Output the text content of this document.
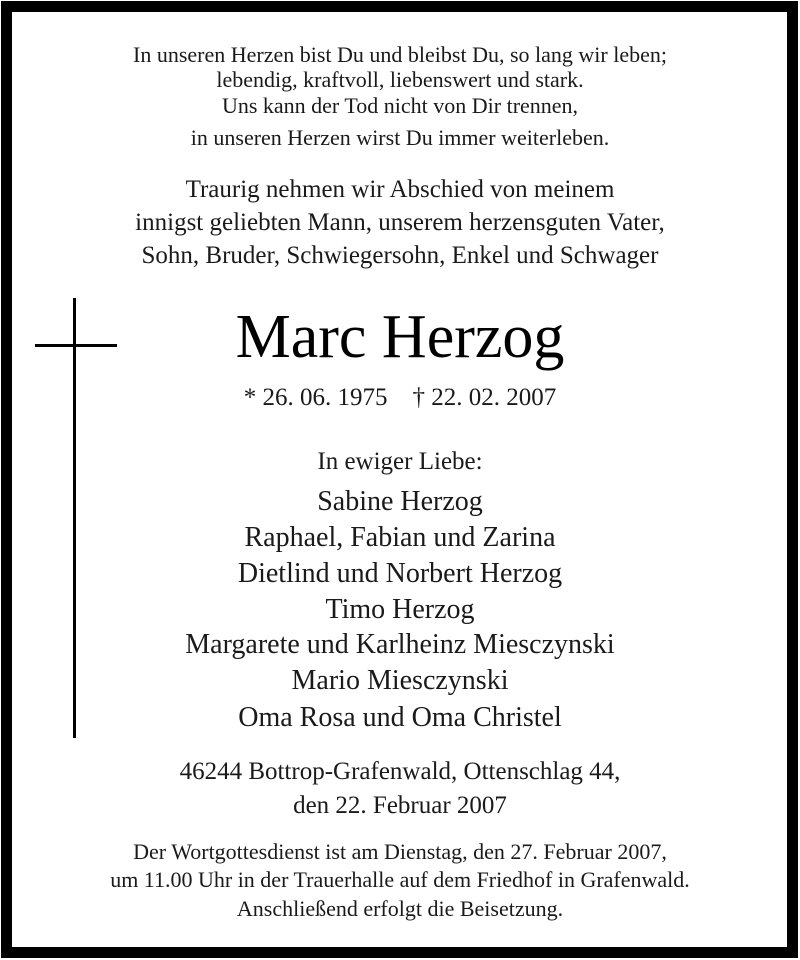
In unseren Herzen bist Du und bleibst Du, so lang wir leben;
lebendig, kraftvoll, liebenswert und stark.
Uns kann der Tod nicht von Dir trennen,
in unseren Herzen wirst Du immer weiterleben.
Traurig nehmen wir Abschied von meinem
innigst geliebten Mann, unserem herzensguten Vater,
Sohn, Bruder, Schwiegersohn, Enkel und Schwager
Marc Herzog
* 26. 06. 1975    † 22. 02. 2007
In ewiger Liebe:
Sabine Herzog
Raphael, Fabian und Zarina
Dietlind und Norbert Herzog
Timo Herzog
Margarete und Karlheinz Miesczynski
Mario Miesczynski
Oma Rosa und Oma Christel
46244 Bottrop-Grafenwald, Ottenschlag 44,
den 22. Februar 2007
Der Wortgottesdienst ist am Dienstag, den 27. Februar 2007,
um 11.00 Uhr in der Trauerhalle auf dem Friedhof in Grafenwald.
Anschließend erfolgt die Beisetzung.
